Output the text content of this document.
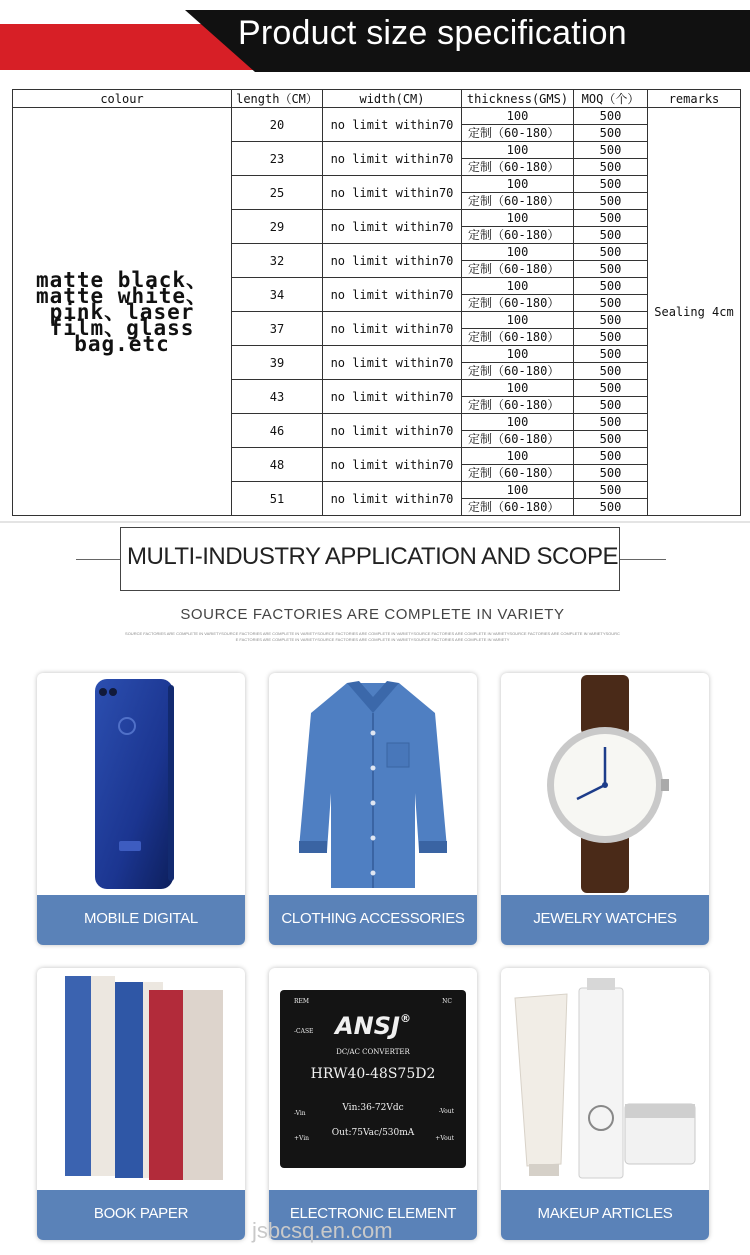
Product size specification
colour	length（CM）	width(CM)	thickness(GMS)	MOQ（个）	remarks
matte black、matte white、pink、laser film、glass bag.etc	20	no limit within70	100	500	Sealing 4cm
			定制（60-180）	500	
	23	no limit within70	100	500	
			定制（60-180）	500	
	25	no limit within70	100	500	
			定制（60-180）	500	
	29	no limit within70	100	500	
			定制（60-180）	500	
	32	no limit within70	100	500	
			定制（60-180）	500	
	34	no limit within70	100	500	
			定制（60-180）	500	
	37	no limit within70	100	500	
			定制（60-180）	500	
	39	no limit within70	100	500	
			定制（60-180）	500	
	43	no limit within70	100	500	
			定制（60-180）	500	
	46	no limit within70	100	500	
			定制（60-180）	500	
	48	no limit within70	100	500	
			定制（60-180）	500	
	51	no limit within70	100	500	
			定制（60-180）	500	
MULTI-INDUSTRY APPLICATION AND SCOPE
SOURCE FACTORIES ARE COMPLETE IN VARIETY
SOURCE FACTORIES ARE COMPLETE IN VARIETYSOURCE FACTORIES ARE COMPLETE IN VARIETYSOURCE FACTORIES ARE COMPLETE IN VARIETYSOURCE FACTORIES ARE COMPLETE IN VARIETYSOURCE FACTORIES ARE COMPLETE IN VARIETYSOURC
E FACTORIES ARE COMPLETE IN VARIETYSOURCE FACTORIES ARE COMPLETE IN VARIETYSOURCE FACTORIES ARE COMPLETE IN VARIETY
MOBILE DIGITAL	CLOTHING ACCESSORIES	JEWELRY WATCHES
BOOK PAPER
REM	NC
-CASE ANSJ®
DC/AC CONVERTER
HRW40-48S75D2
Vin:36-72Vdc
Out:75Vac/530mA
-Vin
+Vin
-Vout
+Vout
ELECTRONIC ELEMENT	MAKEUP ARTICLES
jsbcsq.en.com
